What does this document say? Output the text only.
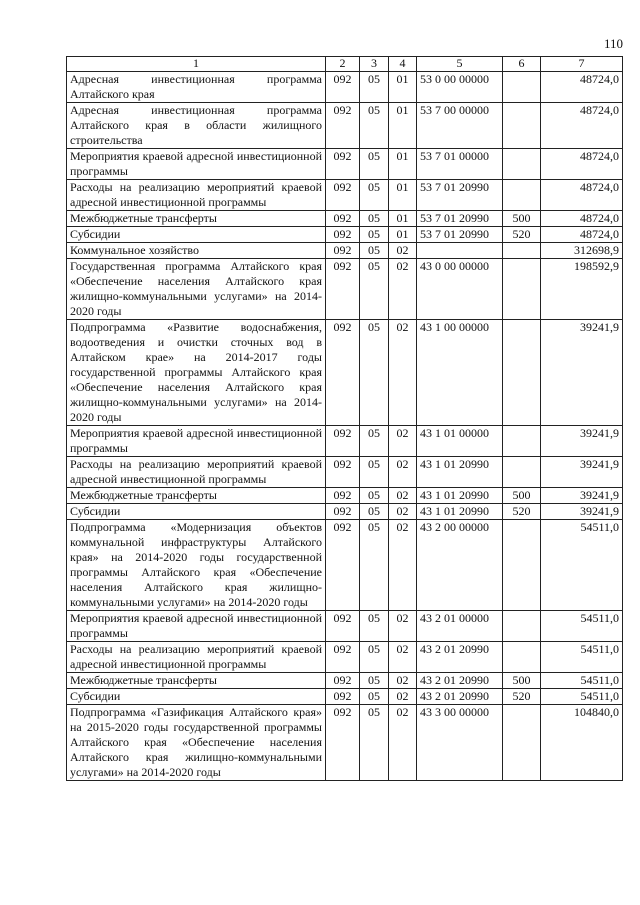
110
1	2	3	4	5	6	7
Адресная инвестиционная программа Алтайского края	092	05	01	53 0 00 00000		48724,0
Адресная инвестиционная программа Алтайского края в области жилищного строительства	092	05	01	53 7 00 00000		48724,0
Мероприятия краевой адресной инвестиционной программы	092	05	01	53 7 01 00000		48724,0
Расходы на реализацию мероприятий краевой адресной инвестиционной программы	092	05	01	53 7 01 20990		48724,0
Межбюджетные трансферты	092	05	01	53 7 01 20990	500	48724,0
Субсидии	092	05	01	53 7 01 20990	520	48724,0
Коммунальное хозяйство	092	05	02			312698,9
Государственная программа Алтайского края «Обеспечение населения Алтайского края жилищно-коммунальными услугами» на 2014-2020 годы	092	05	02	43 0 00 00000		198592,9
Подпрограмма «Развитие водоснабжения, водоотведения и очистки сточных вод в Алтайском крае» на 2014-2017 годы государственной программы Алтайского края «Обеспечение населения Алтайского края жилищно-коммунальными услугами» на 2014-2020 годы	092	05	02	43 1 00 00000		39241,9
Мероприятия краевой адресной инвестиционной программы	092	05	02	43 1 01 00000		39241,9
Расходы на реализацию мероприятий краевой адресной инвестиционной программы	092	05	02	43 1 01 20990		39241,9
Межбюджетные трансферты	092	05	02	43 1 01 20990	500	39241,9
Субсидии	092	05	02	43 1 01 20990	520	39241,9
Подпрограмма «Модернизация объектов коммунальной инфраструктуры Алтайского края» на 2014-2020 годы государственной программы Алтайского края «Обеспечение населения Алтайского края жилищно-коммунальными услугами» на 2014-2020 годы	092	05	02	43 2 00 00000		54511,0
Мероприятия краевой адресной инвестиционной программы	092	05	02	43 2 01 00000		54511,0
Расходы на реализацию мероприятий краевой адресной инвестиционной программы	092	05	02	43 2 01 20990		54511,0
Межбюджетные трансферты	092	05	02	43 2 01 20990	500	54511,0
Субсидии	092	05	02	43 2 01 20990	520	54511,0
Подпрограмма «Газификация Алтайского края» на 2015-2020 годы государственной программы Алтайского края «Обеспечение населения Алтайского края жилищно-коммунальными услугами» на 2014-2020 годы	092	05	02	43 3 00 00000		104840,0
